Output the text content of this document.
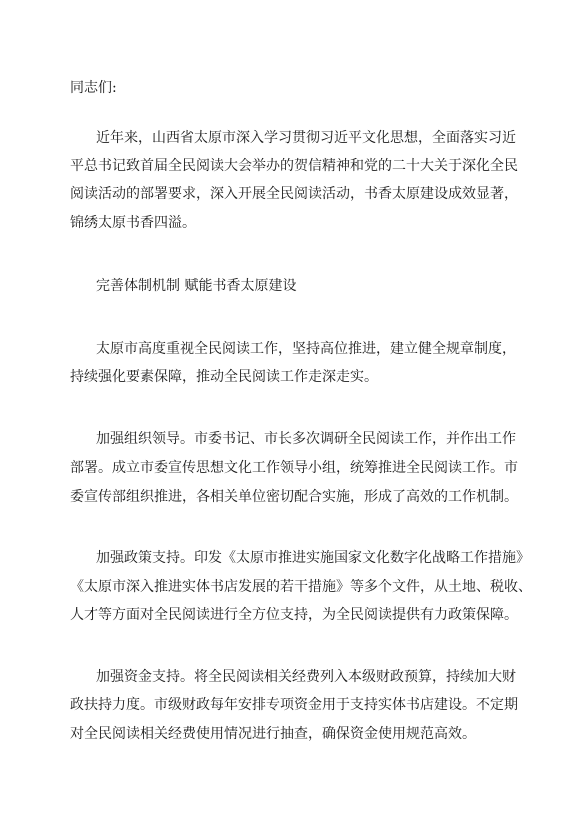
同志们:
近年来，山西省太原市深入学习贯彻习近平文化思想，全面落实习近
平总书记致首届全民阅读大会举办的贺信精神和党的二十大关于深化全民
阅读活动的部署要求，深入开展全民阅读活动，书香太原建设成效显著，
锦绣太原书香四溢。
完善体制机制 赋能书香太原建设
太原市高度重视全民阅读工作，坚持高位推进，建立健全规章制度，
持续强化要素保障，推动全民阅读工作走深走实。
加强组织领导。市委书记、市长多次调研全民阅读工作，并作出工作
部署。成立市委宣传思想文化工作领导小组，统筹推进全民阅读工作。市
委宣传部组织推进，各相关单位密切配合实施，形成了高效的工作机制。
加强政策支持。印发《太原市推进实施国家文化数字化战略工作措施》
《太原市深入推进实体书店发展的若干措施》等多个文件，从土地、税收、
人才等方面对全民阅读进行全方位支持，为全民阅读提供有力政策保障。
加强资金支持。将全民阅读相关经费列入本级财政预算，持续加大财
政扶持力度。市级财政每年安排专项资金用于支持实体书店建设。不定期
对全民阅读相关经费使用情况进行抽查，确保资金使用规范高效。
